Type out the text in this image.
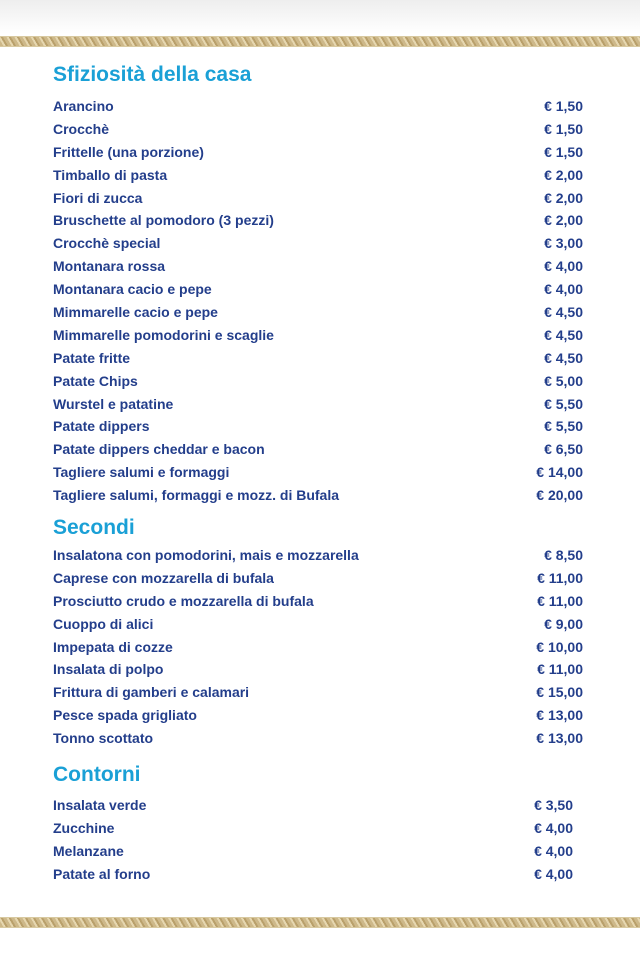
Sfiziosità della casa
Arancino	€ 1,50
Crocchè	€ 1,50
Frittelle (una porzione)	€ 1,50
Timballo di pasta	€ 2,00
Fiori di zucca	€ 2,00
Bruschette al pomodoro (3 pezzi)	€ 2,00
Crocchè special	€ 3,00
Montanara rossa	€ 4,00
Montanara cacio e pepe	€ 4,00
Mimmarelle cacio e pepe	€ 4,50
Mimmarelle pomodorini e scaglie	€ 4,50
Patate fritte	€ 4,50
Patate Chips	€ 5,00
Wurstel e patatine	€ 5,50
Patate dippers	€ 5,50
Patate dippers cheddar e bacon	€ 6,50
Tagliere salumi e formaggi	€ 14,00
Tagliere salumi, formaggi e mozz. di Bufala	€ 20,00
Secondi
Insalatona con pomodorini, mais e mozzarella	€ 8,50
Caprese con mozzarella di bufala	€ 11,00
Prosciutto crudo e mozzarella di bufala	€ 11,00
Cuoppo di alici	€ 9,00
Impepata di cozze	€ 10,00
Insalata di polpo	€ 11,00
Frittura di gamberi e calamari	€ 15,00
Pesce spada grigliato	€ 13,00
Tonno scottato	€ 13,00
Contorni
Insalata verde	€ 3,50
Zucchine	€ 4,00
Melanzane	€ 4,00
Patate al forno	€ 4,00
